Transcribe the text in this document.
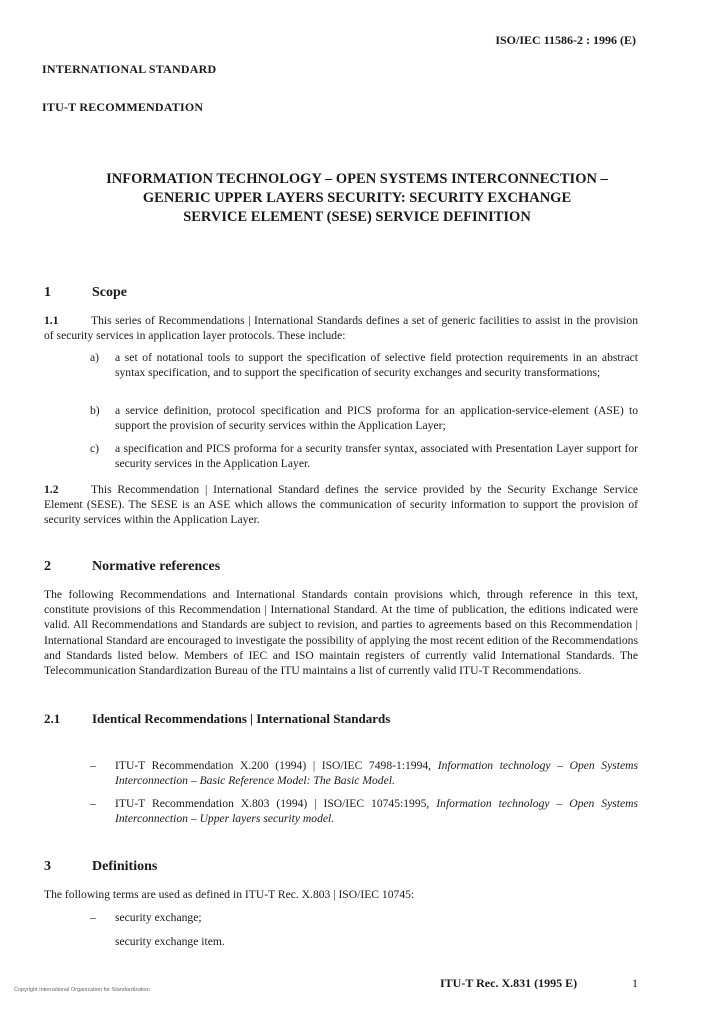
ISO/IEC 11586-2 : 1996 (E)
INTERNATIONAL STANDARD
ITU-T RECOMMENDATION
INFORMATION TECHNOLOGY – OPEN SYSTEMS INTERCONNECTION –
GENERIC UPPER LAYERS SECURITY: SECURITY EXCHANGE
SERVICE ELEMENT (SESE) SERVICE DEFINITION
1	Scope
1.1	This series of Recommendations | International Standards defines a set of generic facilities to assist in the provision of security services in application layer protocols. These include:
a)	a set of notational tools to support the specification of selective field protection requirements in an abstract syntax specification, and to support the specification of security exchanges and security transformations;
b)	a service definition, protocol specification and PICS proforma for an application-service-element (ASE) to support the provision of security services within the Application Layer;
c)	a specification and PICS proforma for a security transfer syntax, associated with Presentation Layer support for security services in the Application Layer.
1.2	This Recommendation | International Standard defines the service provided by the Security Exchange Service Element (SESE). The SESE is an ASE which allows the communication of security information to support the provision of security services within the Application Layer.
2	Normative references
The following Recommendations and International Standards contain provisions which, through reference in this text, constitute provisions of this Recommendation | International Standard. At the time of publication, the editions indicated were valid. All Recommendations and Standards are subject to revision, and parties to agreements based on this Recommendation | International Standard are encouraged to investigate the possibility of applying the most recent edition of the Recommendations and Standards listed below. Members of IEC and ISO maintain registers of currently valid International Standards. The Telecommunication Standardization Bureau of the ITU maintains a list of currently valid ITU-T Recommendations.
2.1 Identical Recommendations | International Standards
–	ITU-T Recommendation X.200 (1994) | ISO/IEC 7498-1:1994, Information technology – Open Systems Interconnection – Basic Reference Model: The Basic Model.
–	ITU-T Recommendation X.803 (1994) | ISO/IEC 10745:1995, Information technology – Open Systems Interconnection – Upper layers security model.
3	Definitions
The following terms are used as defined in ITU-T Rec. X.803 | ISO/IEC 10745:
–	security exchange;
security exchange item.
ITU-T Rec. X.831 (1995 E)	1
Copyright International Organization for Standardization
